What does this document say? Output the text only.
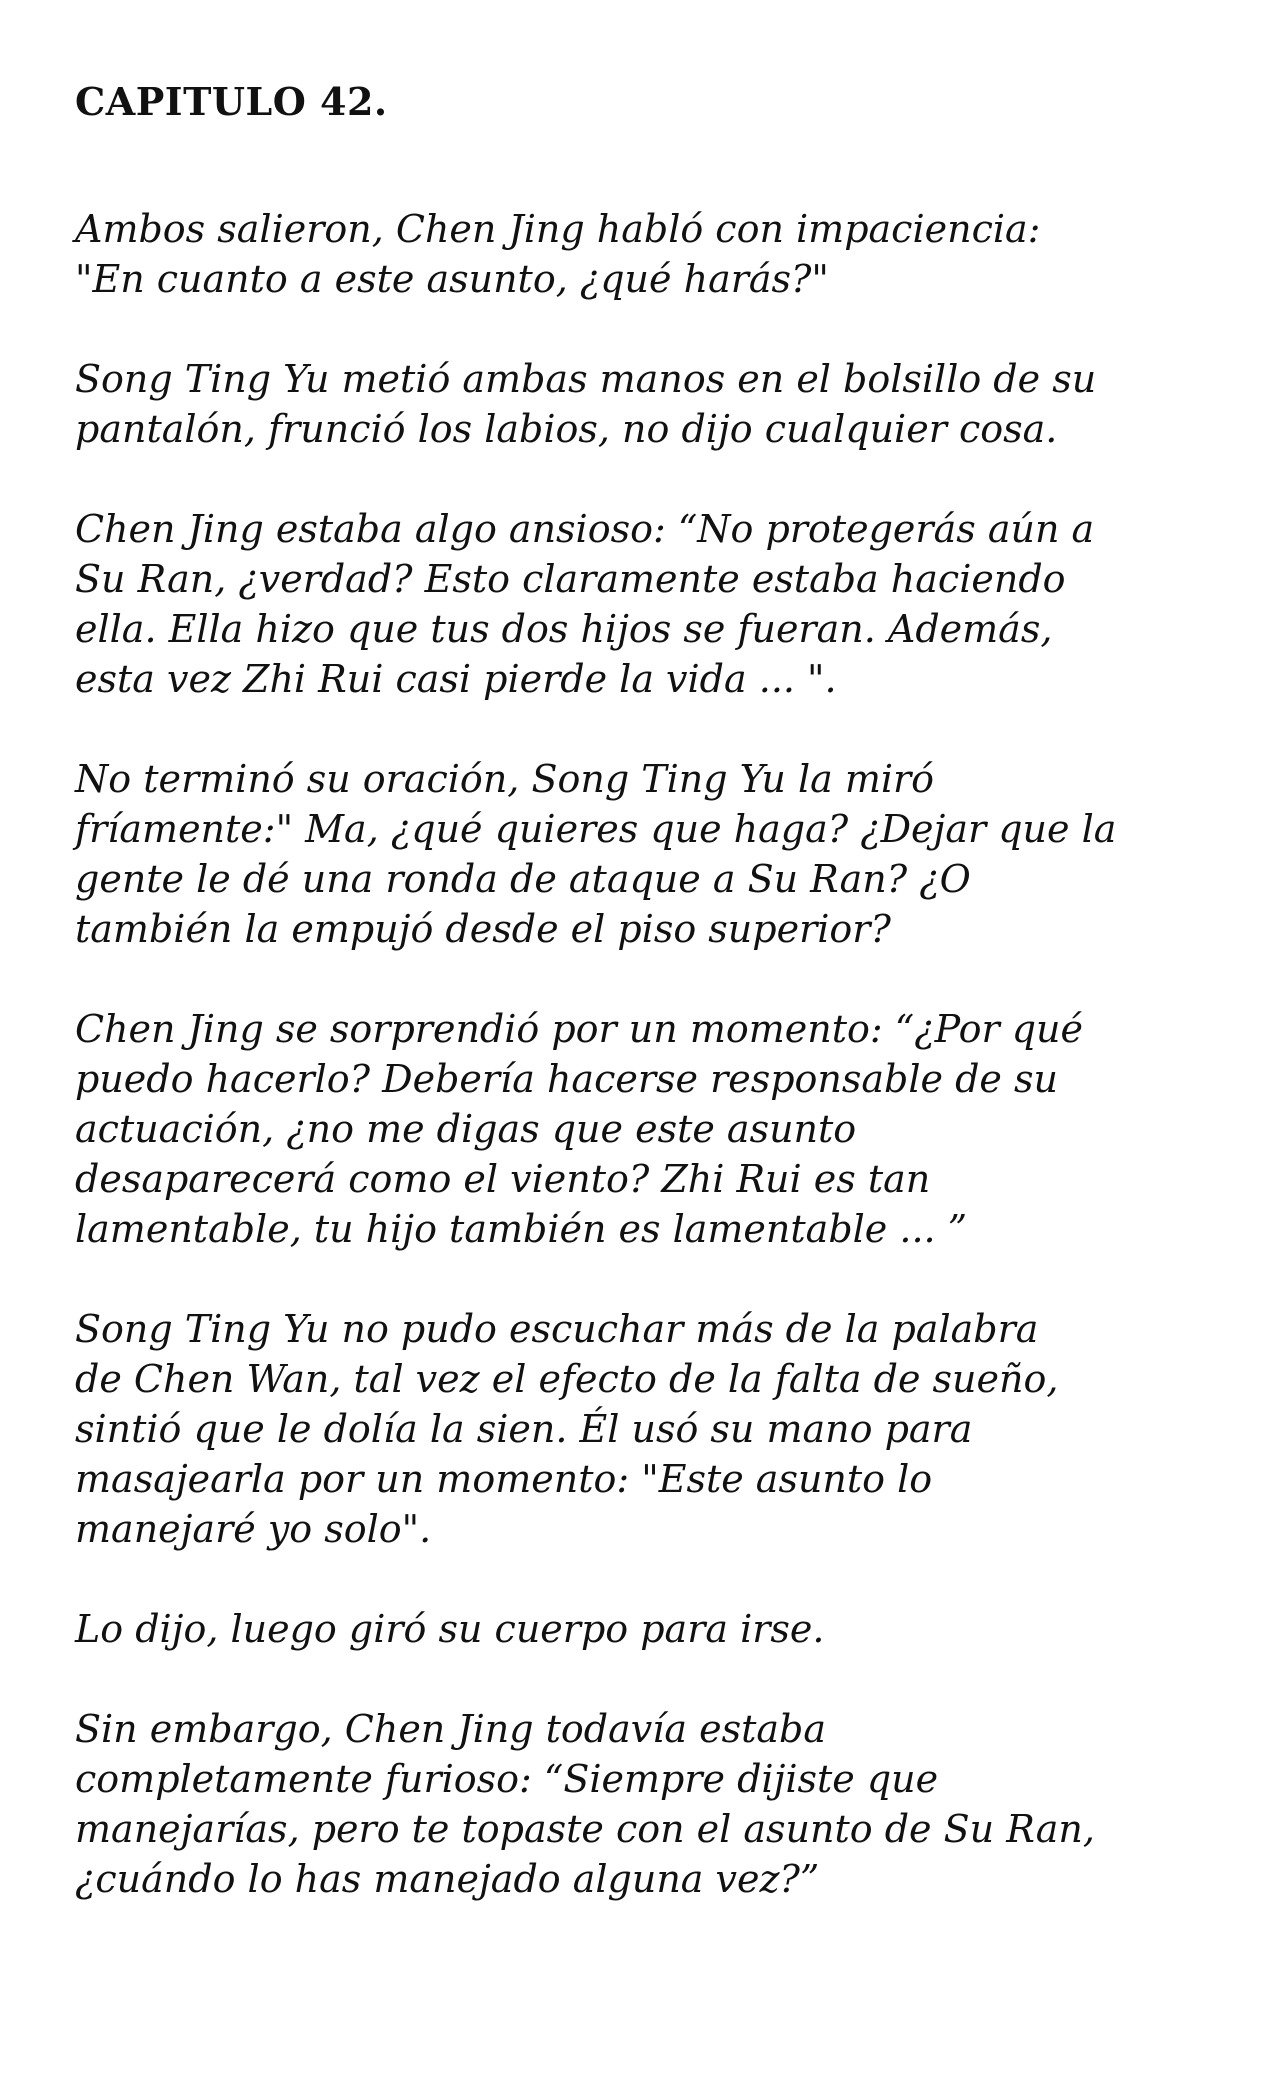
CAPITULO 42.

Ambos salieron, Chen Jing habló con impaciencia:
"En cuanto a este asunto, ¿qué harás?"

Song Ting Yu metió ambas manos en el bolsillo de su
pantalón, frunció los labios, no dijo cualquier cosa.

Chen Jing estaba algo ansioso: “No protegerás aún a
Su Ran, ¿verdad? Esto claramente estaba haciendo
ella. Ella hizo que tus dos hijos se fueran. Además,
esta vez Zhi Rui casi pierde la vida ... ".

No terminó su oración, Song Ting Yu la miró
fríamente:" Ma, ¿qué quieres que haga? ¿Dejar que la
gente le dé una ronda de ataque a Su Ran? ¿O
también la empujó desde el piso superior?

Chen Jing se sorprendió por un momento: “¿Por qué
puedo hacerlo? Debería hacerse responsable de su
actuación, ¿no me digas que este asunto
desaparecerá como el viento? Zhi Rui es tan
lamentable, tu hijo también es lamentable ... ”

Song Ting Yu no pudo escuchar más de la palabra
de Chen Wan, tal vez el efecto de la falta de sueño,
sintió que le dolía la sien. Él usó su mano para
masajearla por un momento: "Este asunto lo
manejaré yo solo".

Lo dijo, luego giró su cuerpo para irse.

Sin embargo, Chen Jing todavía estaba
completamente furioso: “Siempre dijiste que
manejarías, pero te topaste con el asunto de Su Ran,
¿cuándo lo has manejado alguna vez?”
